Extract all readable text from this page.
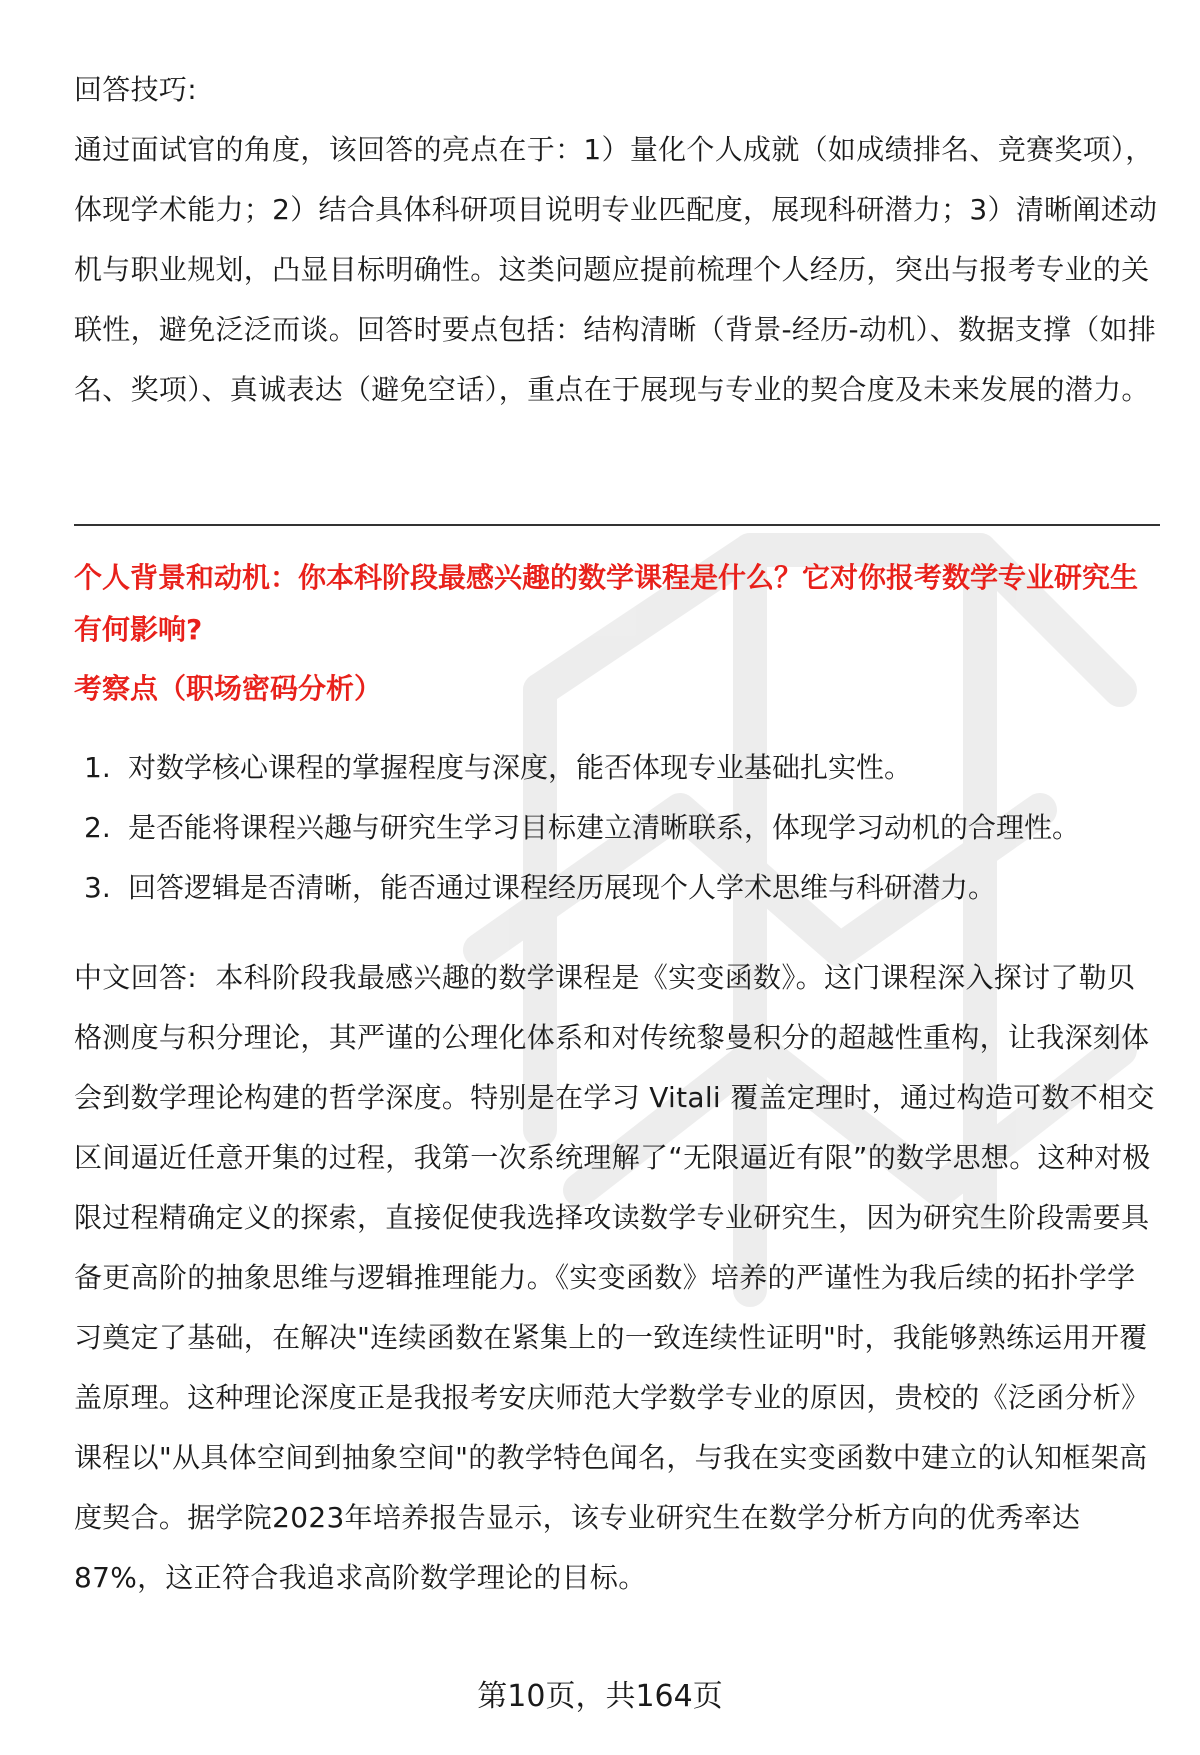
回答技巧:

通过面试官的角度，该回答的亮点在于：1）量化个人成就（如成绩排名、竞赛奖项），体现学术能力；2）结合具体科研项目说明专业匹配度，展现科研潜力；3）清晰阐述动机与职业规划，凸显目标明确性。这类问题应提前梳理个人经历，突出与报考专业的关联性，避免泛泛而谈。回答时要点包括：结构清晰（背景-经历-动机）、数据支撑（如排名、奖项）、真诚表达（避免空话），重点在于展现与专业的契合度及未来发展的潜力。

个人背景和动机：你本科阶段最感兴趣的数学课程是什么？它对你报考数学专业研究生有何影响?

考察点（职场密码分析）

1. 对数学核心课程的掌握程度与深度，能否体现专业基础扎实性。
2. 是否能将课程兴趣与研究生学习目标建立清晰联系，体现学习动机的合理性。
3. 回答逻辑是否清晰，能否通过课程经历展现个人学术思维与科研潜力。

中文回答: 本科阶段我最感兴趣的数学课程是《实变函数》。这门课程深入探讨了勒贝格测度与积分理论，其严谨的公理化体系和对传统黎曼积分的超越性重构，让我深刻体会到数学理论构建的哲学深度。特别是在学习 Vitali 覆盖定理时，通过构造可数不相交区间逼近任意开集的过程，我第一次系统理解了“无限逼近有限”的数学思想。这种对极限过程精确定义的探索，直接促使我选择攻读数学专业研究生，因为研究生阶段需要具备更高阶的抽象思维与逻辑推理能力。《实变函数》培养的严谨性为我后续的拓扑学学习奠定了基础，在解决"连续函数在紧集上的一致连续性证明"时，我能够熟练运用开覆盖原理。这种理论深度正是我报考安庆师范大学数学专业的原因，贵校的《泛函分析》课程以"从具体空间到抽象空间"的教学特色闻名，与我在实变函数中建立的认知框架高度契合。据学院2023年培养报告显示，该专业研究生在数学分析方向的优秀率达87%，这正符合我追求高阶数学理论的目标。

第10页，共164页
